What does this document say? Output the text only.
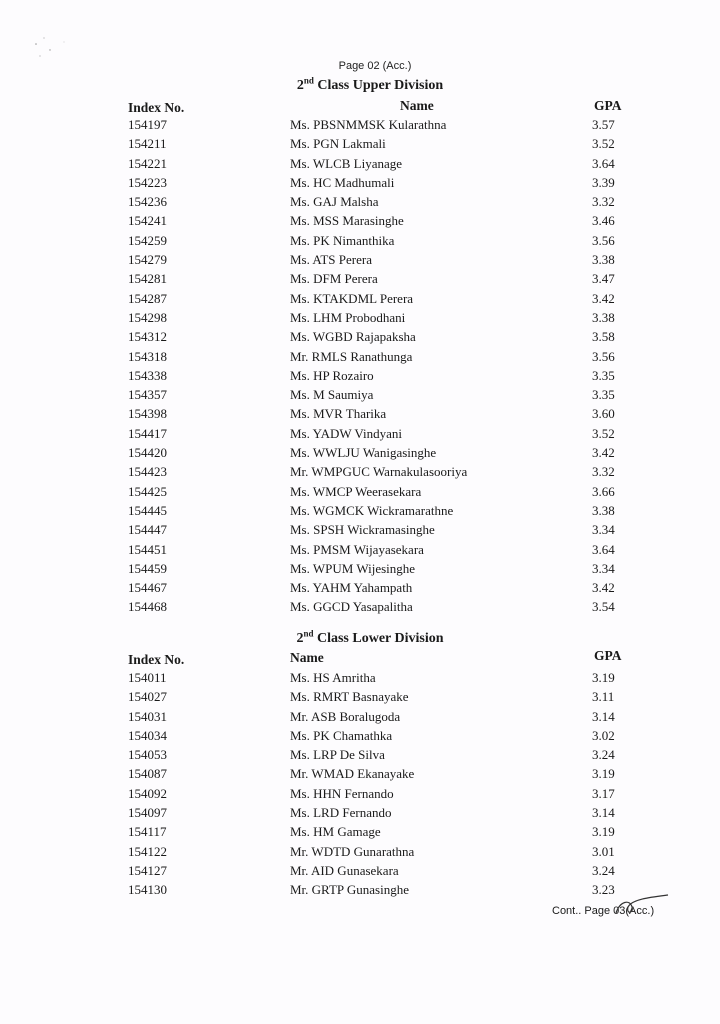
Page 02 (Acc.)
2nd Class Upper Division
Index No.	Name	GPA
154197	Ms. PBSNMMSK Kularathna	3.57
154211	Ms. PGN Lakmali	3.52
154221	Ms. WLCB Liyanage	3.64
154223	Ms. HC Madhumali	3.39
154236	Ms. GAJ Malsha	3.32
154241	Ms. MSS Marasinghe	3.46
154259	Ms. PK Nimanthika	3.56
154279	Ms. ATS Perera	3.38
154281	Ms. DFM Perera	3.47
154287	Ms. KTAKDML Perera	3.42
154298	Ms. LHM Probodhani	3.38
154312	Ms. WGBD Rajapaksha	3.58
154318	Mr. RMLS Ranathunga	3.56
154338	Ms. HP Rozairo	3.35
154357	Ms. M Saumiya	3.35
154398	Ms. MVR Tharika	3.60
154417	Ms. YADW Vindyani	3.52
154420	Ms. WWLJU Wanigasinghe	3.42
154423	Mr. WMPGUC Warnakulasooriya	3.32
154425	Ms. WMCP Weerasekara	3.66
154445	Ms. WGMCK Wickramarathne	3.38
154447	Ms. SPSH Wickramasinghe	3.34
154451	Ms. PMSM Wijayasekara	3.64
154459	Ms. WPUM Wijesinghe	3.34
154467	Ms. YAHM Yahampath	3.42
154468	Ms. GGCD Yasapalitha	3.54
2nd Class Lower Division
Index No.	Name	GPA
154011	Ms. HS Amritha	3.19
154027	Ms. RMRT Basnayake	3.11
154031	Mr. ASB Boralugoda	3.14
154034	Ms. PK Chamathka	3.02
154053	Ms. LRP De Silva	3.24
154087	Mr. WMAD Ekanayake	3.19
154092	Ms. HHN Fernando	3.17
154097	Ms. LRD Fernando	3.14
154117	Ms. HM Gamage	3.19
154122	Mr. WDTD Gunarathna	3.01
154127	Mr. AID Gunasekara	3.24
154130	Mr. GRTP Gunasinghe	3.23
Cont.. Page 03(Acc.)
